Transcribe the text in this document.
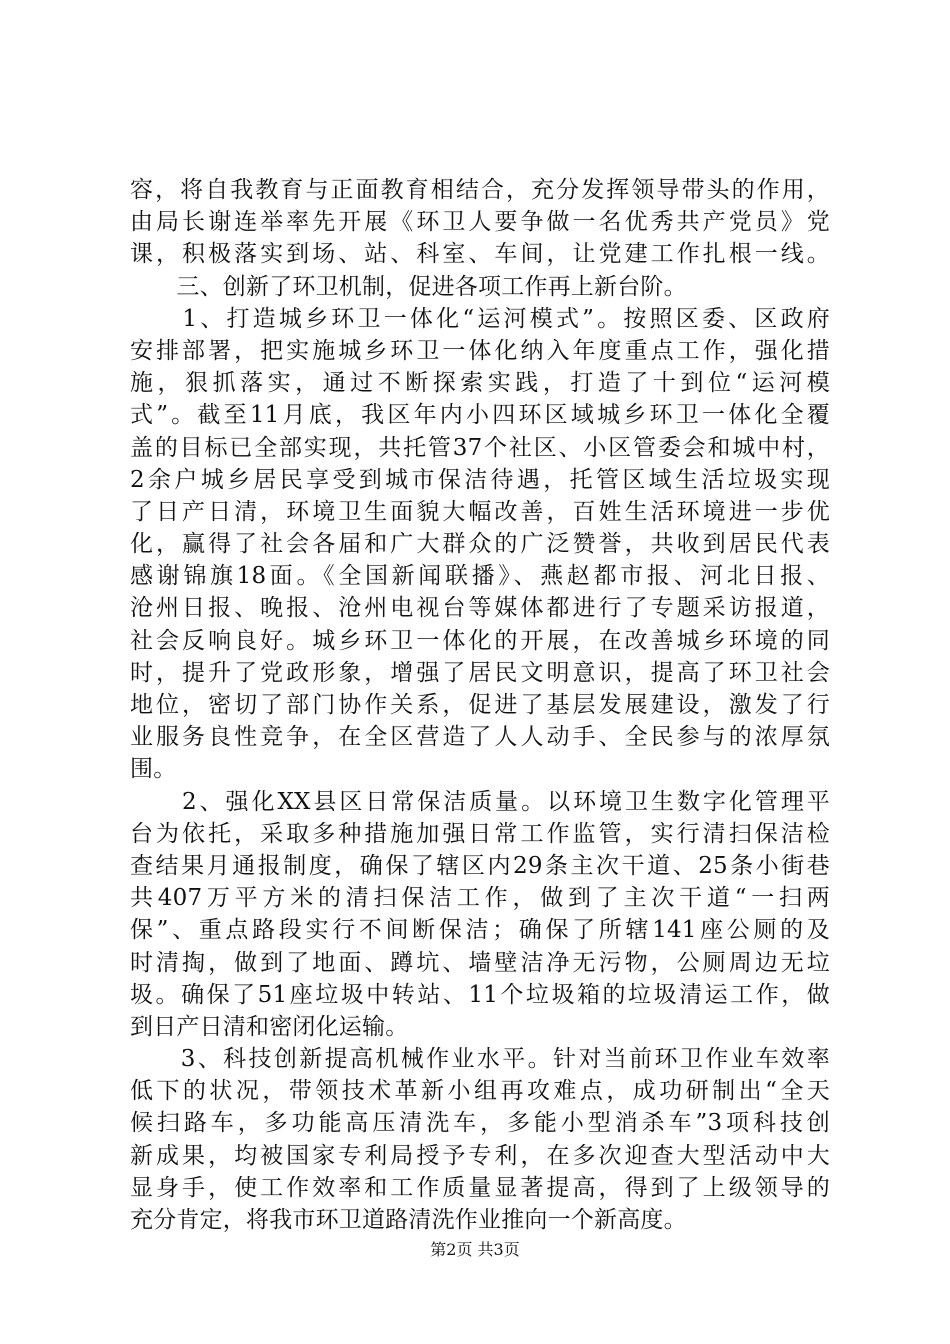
容，将自我教育与正面教育相结合，充分发挥领导带头的作用，
由局长谢连举率先开展《环卫人要争做一名优秀共产党员》党
课，积极落实到场、站、科室、车间，让党建工作扎根一线。
　　三、创新了环卫机制，促进各项工作再上新台阶。
　　1、打造城乡环卫一体化“运河模式”。按照区委、区政府
安排部署，把实施城乡环卫一体化纳入年度重点工作，强化措
施，狠抓落实，通过不断探索实践，打造了十到位“运河模
式”。截至11月底，我区年内小四环区域城乡环卫一体化全覆
盖的目标已全部实现，共托管37个社区、小区管委会和城中村，
2余户城乡居民享受到城市保洁待遇，托管区域生活垃圾实现
了日产日清，环境卫生面貌大幅改善，百姓生活环境进一步优
化，赢得了社会各届和广大群众的广泛赞誉，共收到居民代表
感谢锦旗18面。《全国新闻联播》、燕赵都市报、河北日报、
沧州日报、晚报、沧州电视台等媒体都进行了专题采访报道，
社会反响良好。城乡环卫一体化的开展，在改善城乡环境的同
时，提升了党政形象，增强了居民文明意识，提高了环卫社会
地位，密切了部门协作关系，促进了基层发展建设，激发了行
业服务良性竞争，在全区营造了人人动手、全民参与的浓厚氛
围。
　　2、强化XX县区日常保洁质量。以环境卫生数字化管理平
台为依托，采取多种措施加强日常工作监管，实行清扫保洁检
查结果月通报制度，确保了辖区内29条主次干道、25条小街巷
共407万平方米的清扫保洁工作，做到了主次干道“一扫两
保”、重点路段实行不间断保洁；确保了所辖141座公厕的及
时清掏，做到了地面、蹲坑、墙壁洁净无污物，公厕周边无垃
圾。确保了51座垃圾中转站、11个垃圾箱的垃圾清运工作，做
到日产日清和密闭化运输。
　　3、科技创新提高机械作业水平。针对当前环卫作业车效率
低下的状况，带领技术革新小组再攻难点，成功研制出“全天
候扫路车，多功能高压清洗车，多能小型消杀车”3项科技创
新成果，均被国家专利局授予专利，在多次迎查大型活动中大
显身手，使工作效率和工作质量显著提高，得到了上级领导的
充分肯定，将我市环卫道路清洗作业推向一个新高度。
第2页 共3页
